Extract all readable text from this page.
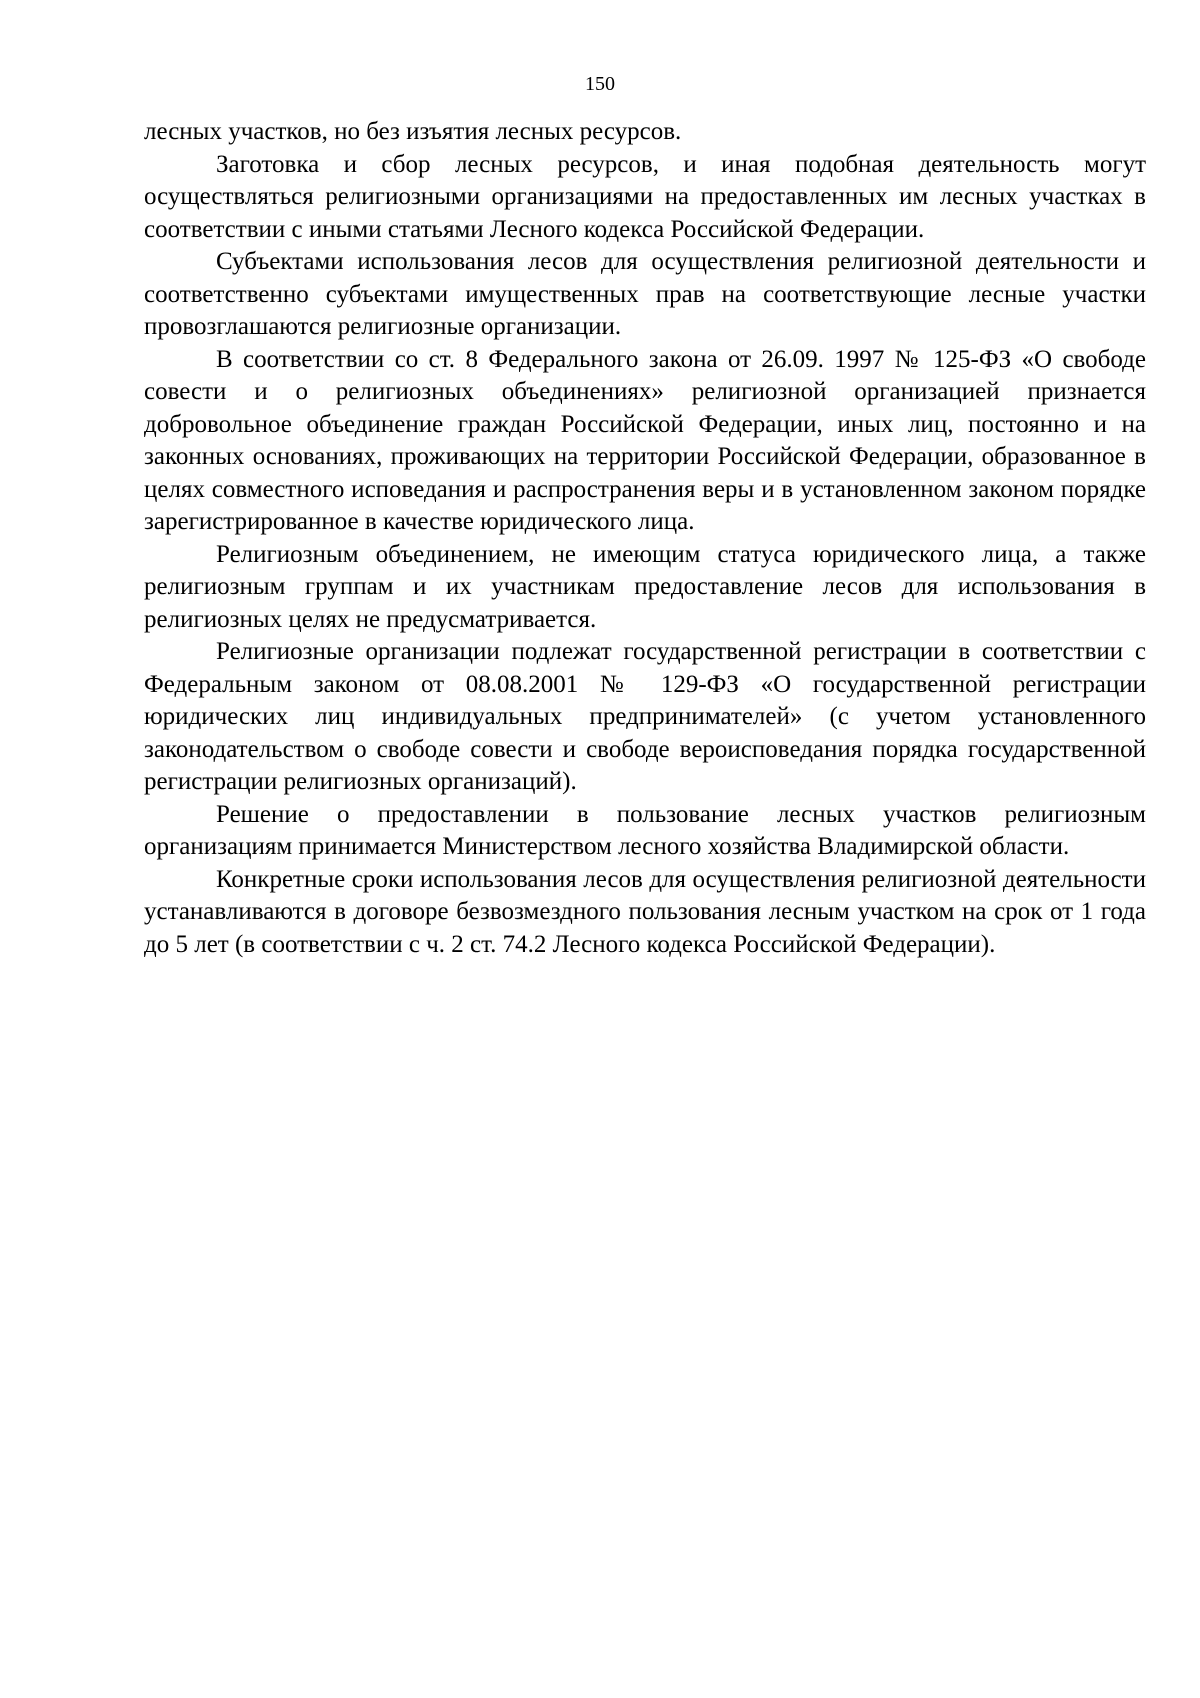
150

лесных участков, но без изъятия лесных ресурсов.

Заготовка и сбор лесных ресурсов, и иная подобная деятельность могут осуществляться религиозными организациями на предоставленных им лесных участках в соответствии с иными статьями Лесного кодекса Российской Федерации.

Субъектами использования лесов для осуществления религиозной деятельности и соответственно субъектами имущественных прав на соответствующие лесные участки провозглашаются религиозные организации.

В соответствии со ст. 8 Федерального закона от 26.09. 1997 № 125-ФЗ «О свободе совести и о религиозных объединениях» религиозной организацией признается добровольное объединение граждан Российской Федерации, иных лиц, постоянно и на законных основаниях, проживающих на территории Российской Федерации, образованное в целях совместного исповедания и распространения веры и в установленном законом порядке зарегистрированное в качестве юридического лица.

Религиозным объединением, не имеющим статуса юридического лица, а также религиозным группам и их участникам предоставление лесов для использования в религиозных целях не предусматривается.

Религиозные организации подлежат государственной регистрации в соответствии с Федеральным законом от 08.08.2001 № 129-ФЗ «О государственной регистрации юридических лиц индивидуальных предпринимателей» (с учетом установленного законодательством о свободе совести и свободе вероисповедания порядка государственной регистрации религиозных организаций).

Решение о предоставлении в пользование лесных участков религиозным организациям принимается Министерством лесного хозяйства Владимирской области.

Конкретные сроки использования лесов для осуществления религиозной деятельности устанавливаются в договоре безвозмездного пользования лесным участком на срок от 1 года до 5 лет (в соответствии с ч. 2 ст. 74.2 Лесного кодекса Российской Федерации).
